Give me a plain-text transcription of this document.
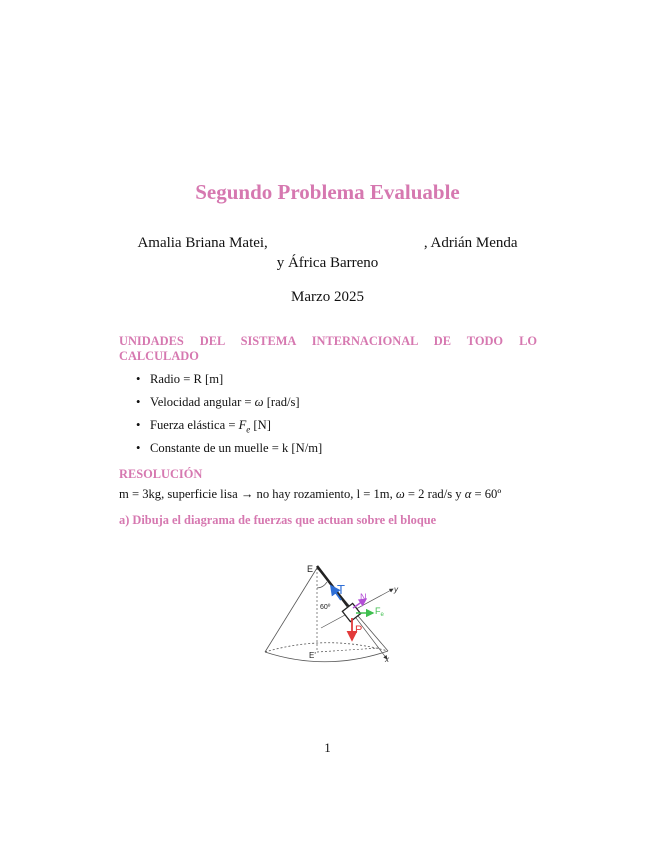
Segundo Problema Evaluable
Amalia Briana Matei,	, Adrián Menda
y África Barreno
Marzo 2025
UNIDADES DEL SISTEMA INTERNACIONAL DE TODO LO CALCULADO
• Radio = R [m]
• Velocidad angular = ω [rad/s]
• Fuerza elástica = $F_e$ [N]
• Constante de un muelle = k [N/m]
RESOLUCIÓN
m = 3kg, superficie lisa → no hay rozamiento, l = 1m, ω = 2 rad/s y α = 60º
a) Dibuja el diagrama de fuerzas que actuan sobre el bloque
E
E'
60º
T N
$F_e$
P
y
x
1
